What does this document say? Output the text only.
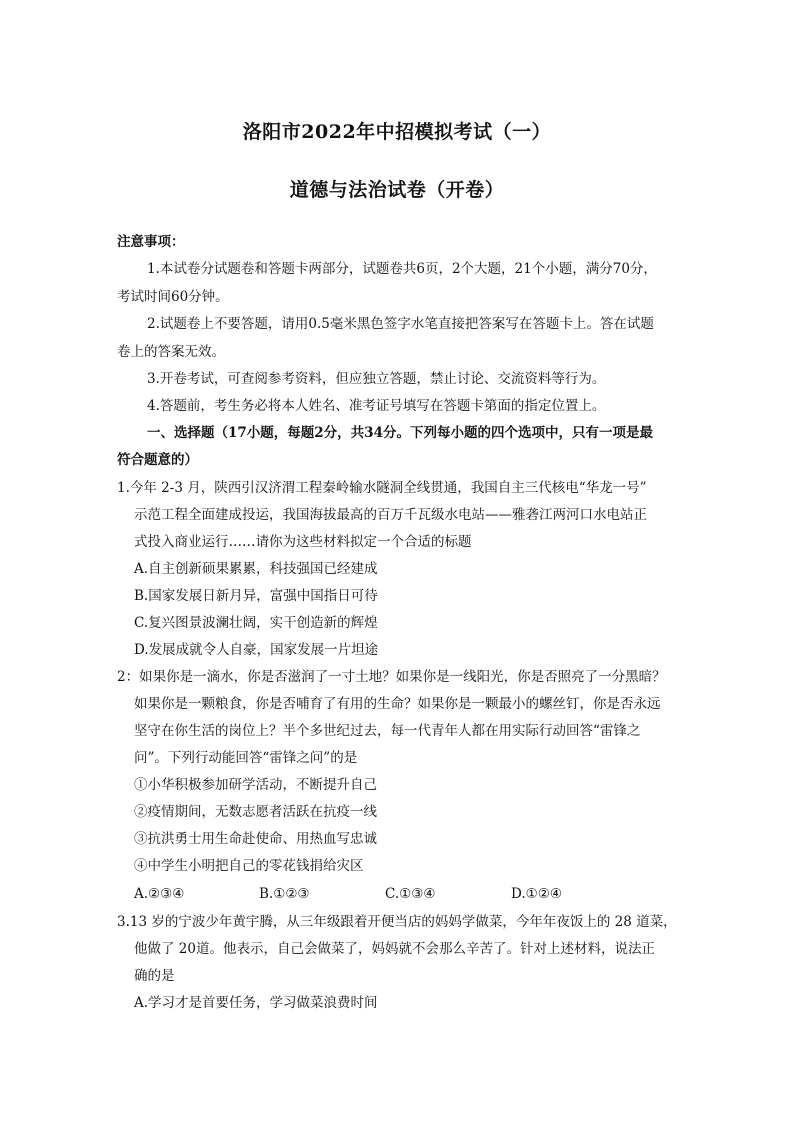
洛阳市2022年中招模拟考试（一）
道德与法治试卷（开卷）
注意事项：
1.本试卷分试题卷和答题卡两部分，试题卷共6页，2个大题，21个小题，满分70分，
考试时间60分钟。
2.试题卷上不要答题，请用0.5毫米黑色签字水笔直接把答案写在答题卡上。答在试题
卷上的答案无效。
3.开卷考试，可查阅参考资料，但应独立答题，禁止讨论、交流资料等行为。
4.答题前，考生务必将本人姓名、准考证号填写在答题卡第面的指定位置上。
一、选择题（17小题，每题2分，共34分。下列每小题的四个选项中，只有一项是最
符合题意的）
1.今年 2-3 月，陕西引汉济渭工程秦岭输水隧洞全线贯通，我国自主三代核电“华龙一号”
示范工程全面建成投运，我国海拔最高的百万千瓦级水电站——雅砻江两河口水电站正
式投入商业运行……请你为这些材料拟定一个合适的标题
A.自主创新硕果累累，科技强国已经建成
B.国家发展日新月异，富强中国指日可待
C.复兴图景波澜壮阔，实干创造新的辉煌
D.发展成就令人自豪，国家发展一片坦途
2：如果你是一滴水，你是否滋润了一寸土地？如果你是一线阳光，你是否照亮了一分黑暗？
如果你是一颗粮食，你是否哺育了有用的生命？如果你是一颗最小的螺丝钉，你是否永远
坚守在你生活的岗位上？半个多世纪过去，每一代青年人都在用实际行动回答“雷锋之
问”。下列行动能回答“雷锋之问”的是
①小华积极参加研学活动，不断提升自己
②疫情期间，无数志愿者活跃在抗疫一线
③抗洪勇士用生命赴使命、用热血写忠诚
④中学生小明把自己的零花钱捐给灾区
A.②③④	B.①②③	C.①③④	D.①②④
3.13 岁的宁波少年黄宇腾，从三年级跟着开便当店的妈妈学做菜，今年年夜饭上的 28 道菜，
他做了 20道。他表示，自己会做菜了，妈妈就不会那么辛苦了。针对上述材料，说法正
确的是
A.学习才是首要任务，学习做菜浪费时间
